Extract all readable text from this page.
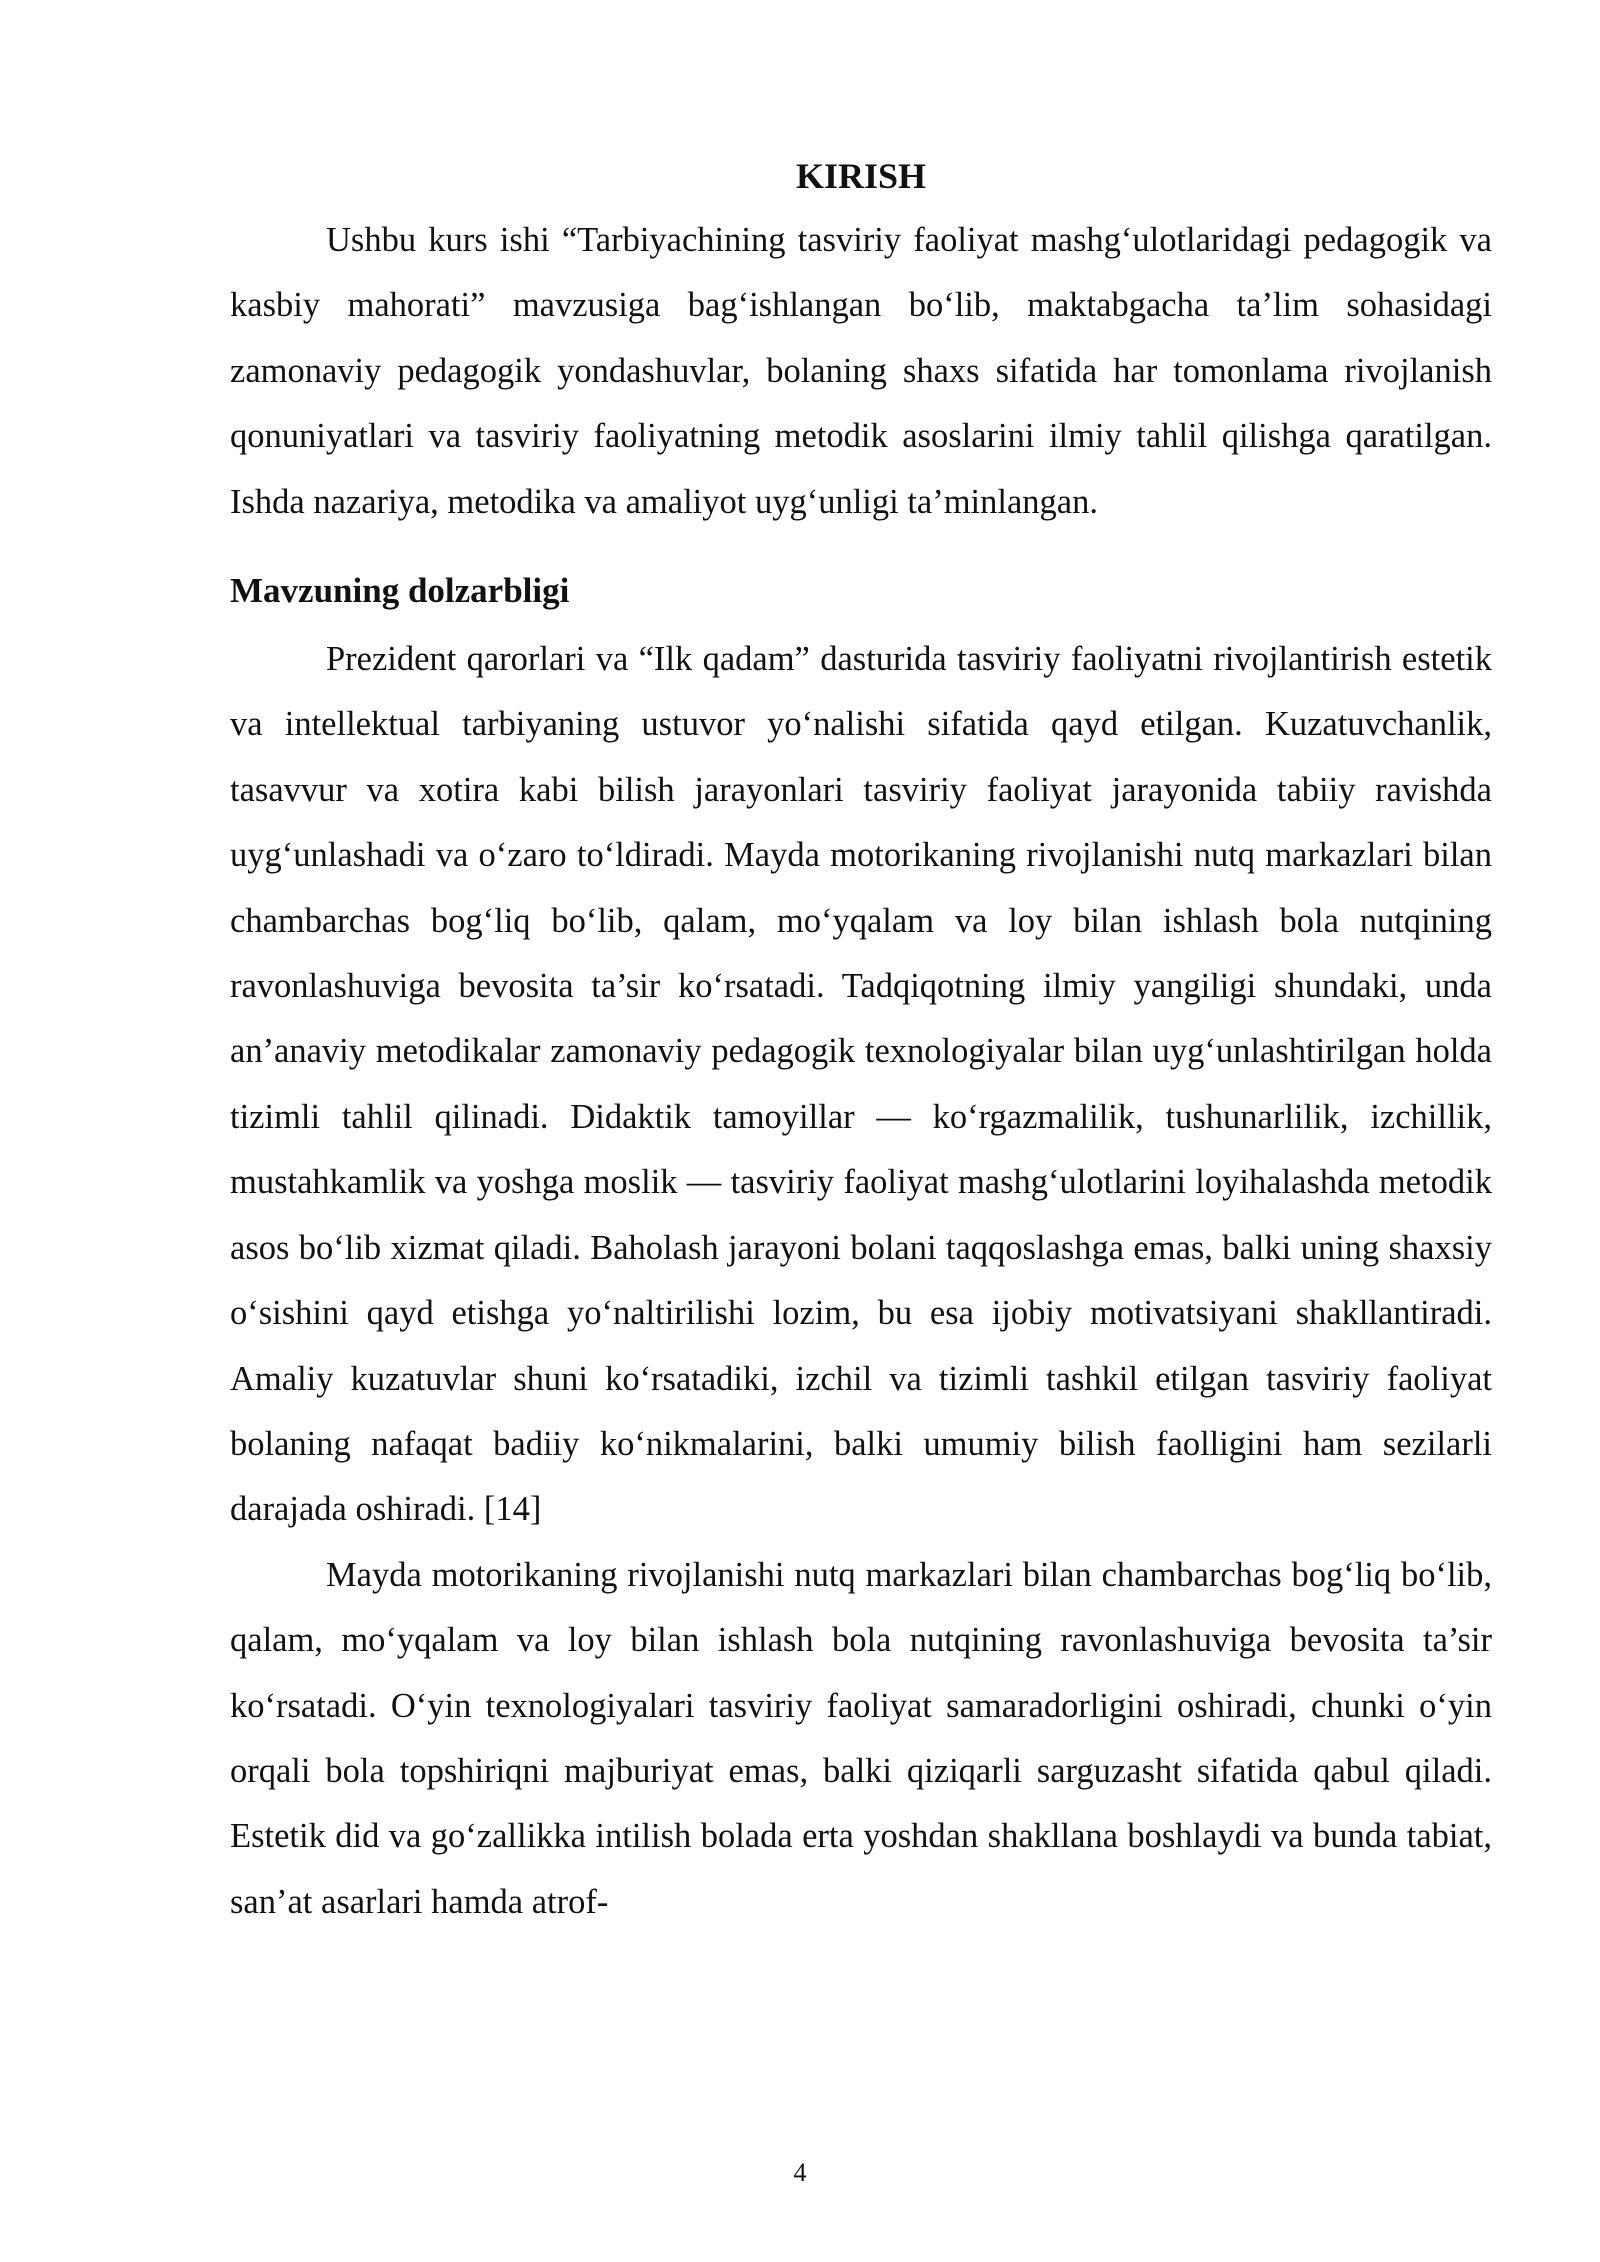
KIRISH

Ushbu kurs ishi “Tarbiyachining tasviriy faoliyat mashg‘ulotlaridagi pedagogik va kasbiy mahorati” mavzusiga bag‘ishlangan bo‘lib, maktabgacha ta’lim sohasidagi zamonaviy pedagogik yondashuvlar, bolaning shaxs sifatida har tomonlama rivojlanish qonuniyatlari va tasviriy faoliyatning metodik asoslarini ilmiy tahlil qilishga qaratilgan. Ishda nazariya, metodika va amaliyot uyg‘unligi ta’minlangan.

Mavzuning dolzarbligi

Prezident qarorlari va “Ilk qadam” dasturida tasviriy faoliyatni rivojlantirish estetik va intellektual tarbiyaning ustuvor yo‘nalishi sifatida qayd etilgan. Kuzatuvchanlik, tasavvur va xotira kabi bilish jarayonlari tasviriy faoliyat jarayonida tabiiy ravishda uyg‘unlashadi va o‘zaro to‘ldiradi. Mayda motorikaning rivojlanishi nutq markazlari bilan chambarchas bog‘liq bo‘lib, qalam, mo‘yqalam va loy bilan ishlash bola nutqining ravonlashuviga bevosita ta’sir ko‘rsatadi. Tadqiqotning ilmiy yangiligi shundaki, unda an’anaviy metodikalar zamonaviy pedagogik texnologiyalar bilan uyg‘unlashtirilgan holda tizimli tahlil qilinadi. Didaktik tamoyillar — ko‘rgazmalilik, tushunarlilik, izchillik, mustahkamlik va yoshga moslik — tasviriy faoliyat mashg‘ulotlarini loyihalashda metodik asos bo‘lib xizmat qiladi. Baholash jarayoni bolani taqqoslashga emas, balki uning shaxsiy o‘sishini qayd etishga yo‘naltirilishi lozim, bu esa ijobiy motivatsiyani shakllantiradi. Amaliy kuzatuvlar shuni ko‘rsatadiki, izchil va tizimli tashkil etilgan tasviriy faoliyat bolaning nafaqat badiiy ko‘nikmalarini, balki umumiy bilish faolligini ham sezilarli darajada oshiradi. [14]

Mayda motorikaning rivojlanishi nutq markazlari bilan chambarchas bog‘liq bo‘lib, qalam, mo‘yqalam va loy bilan ishlash bola nutqining ravonlashuviga bevosita ta’sir ko‘rsatadi. O‘yin texnologiyalari tasviriy faoliyat samaradorligini oshiradi, chunki o‘yin orqali bola topshiriqni majburiyat emas, balki qiziqarli sarguzasht sifatida qabul qiladi. Estetik did va go‘zallikka intilish bolada erta yoshdan shakllana boshlaydi va bunda tabiat, san’at asarlari hamda atrof-

4
